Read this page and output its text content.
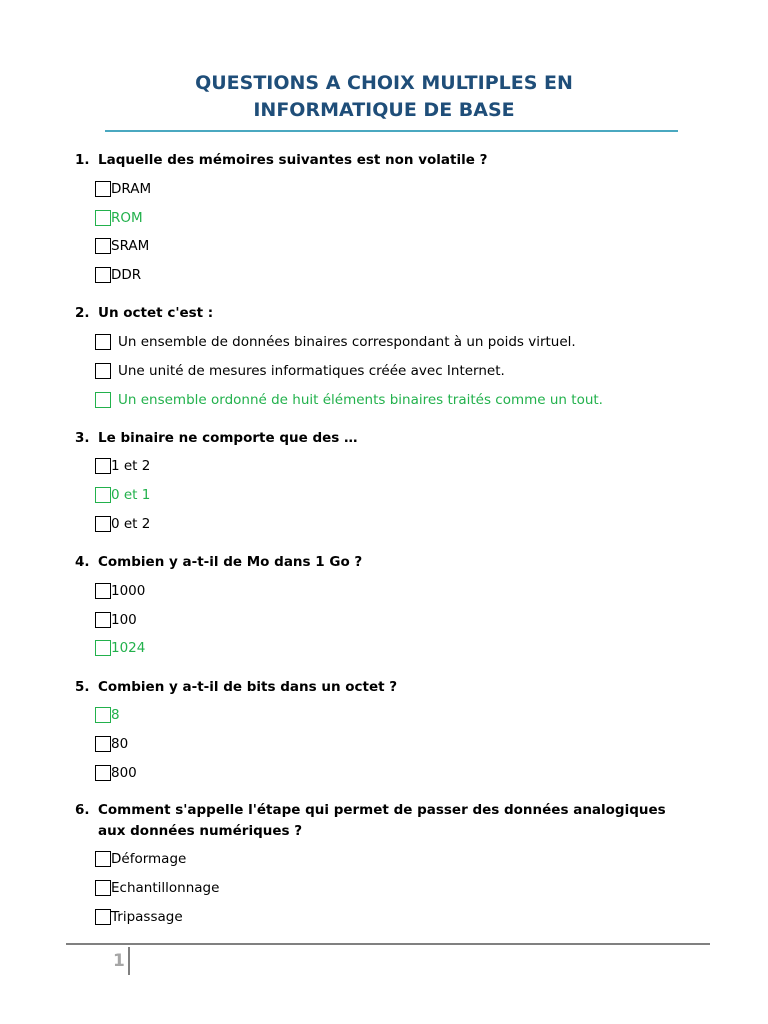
QUESTIONS A CHOIX MULTIPLES EN
INFORMATIQUE DE BASE

1. Laquelle des mémoires suivantes est non volatile ?

DRAM
ROM
SRAM
DDR

2. Un octet c'est :

Un ensemble de données binaires correspondant à un poids virtuel.
Une unité de mesures informatiques créée avec Internet.
Un ensemble ordonné de huit éléments binaires traités comme un tout.

3. Le binaire ne comporte que des …

1 et 2
0 et 1
0 et 2

4. Combien y a-t-il de Mo dans 1 Go ?

1000
100
1024

5. Combien y a-t-il de bits dans un octet ?

8
80
800

6. Comment s'appelle l'étape qui permet de passer des données analogiques aux données numériques ?

Déformage
Echantillonnage
Tripassage
1
